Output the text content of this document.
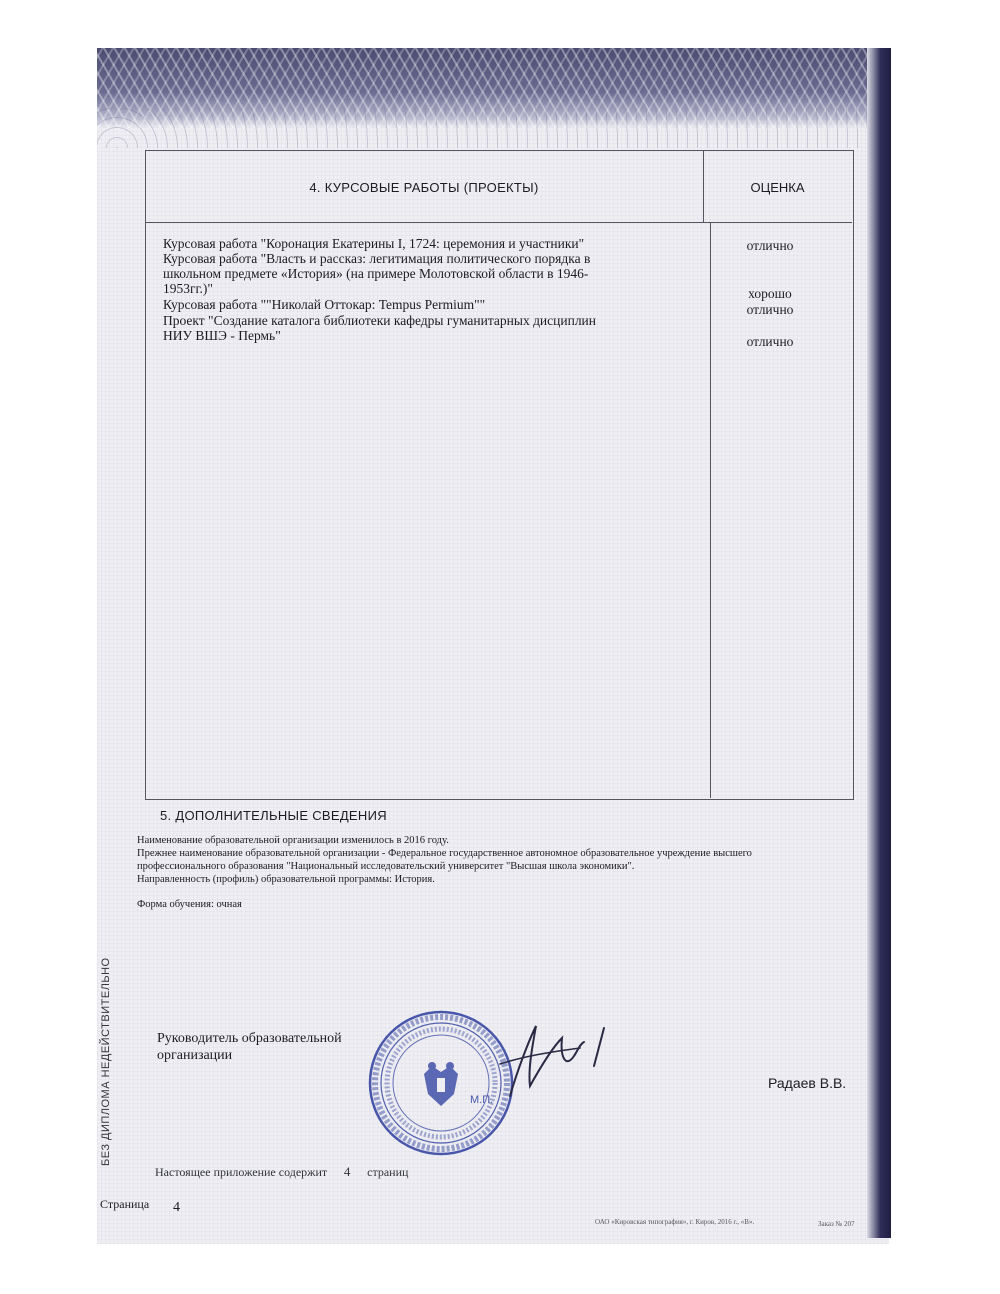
4. КУРСОВЫЕ РАБОТЫ (ПРОЕКТЫ)	ОЦЕНКА
Курсовая работа "Коронация Екатерины I, 1724: церемония и участники"	отлично
Курсовая работа "Власть и рассказ: легитимация политического порядка в
школьном предмете «История» (на примере Молотовской области в 1946-
1953гг.)"	хорошо
Курсовая работа ""Николай Оттокар: Tempus Permium""	отлично
Проект "Создание каталога библиотеки кафедры гуманитарных дисциплин
НИУ ВШЭ - Пермь"	отлично
5. ДОПОЛНИТЕЛЬНЫЕ СВЕДЕНИЯ
Наименование образовательной организации изменилось в 2016 году.
Прежнее наименование образовательной организации - Федеральное государственное автономное образовательное учреждение высшего
профессионального образования "Национальный исследовательский университет "Высшая школа экономики".
Направленность (профиль) образовательной программы: История.
Форма обучения: очная
БЕЗ ДИПЛОМА НЕДЕЙСТВИТЕЛЬНО	Руководитель образовательной
организации
М.П.
Радаев В.В.
Настоящее приложение содержит 4 страниц
Страница 4
ОАО «Кировская типография», г. Киров, 2016 г., «В».	Заказ № 207
